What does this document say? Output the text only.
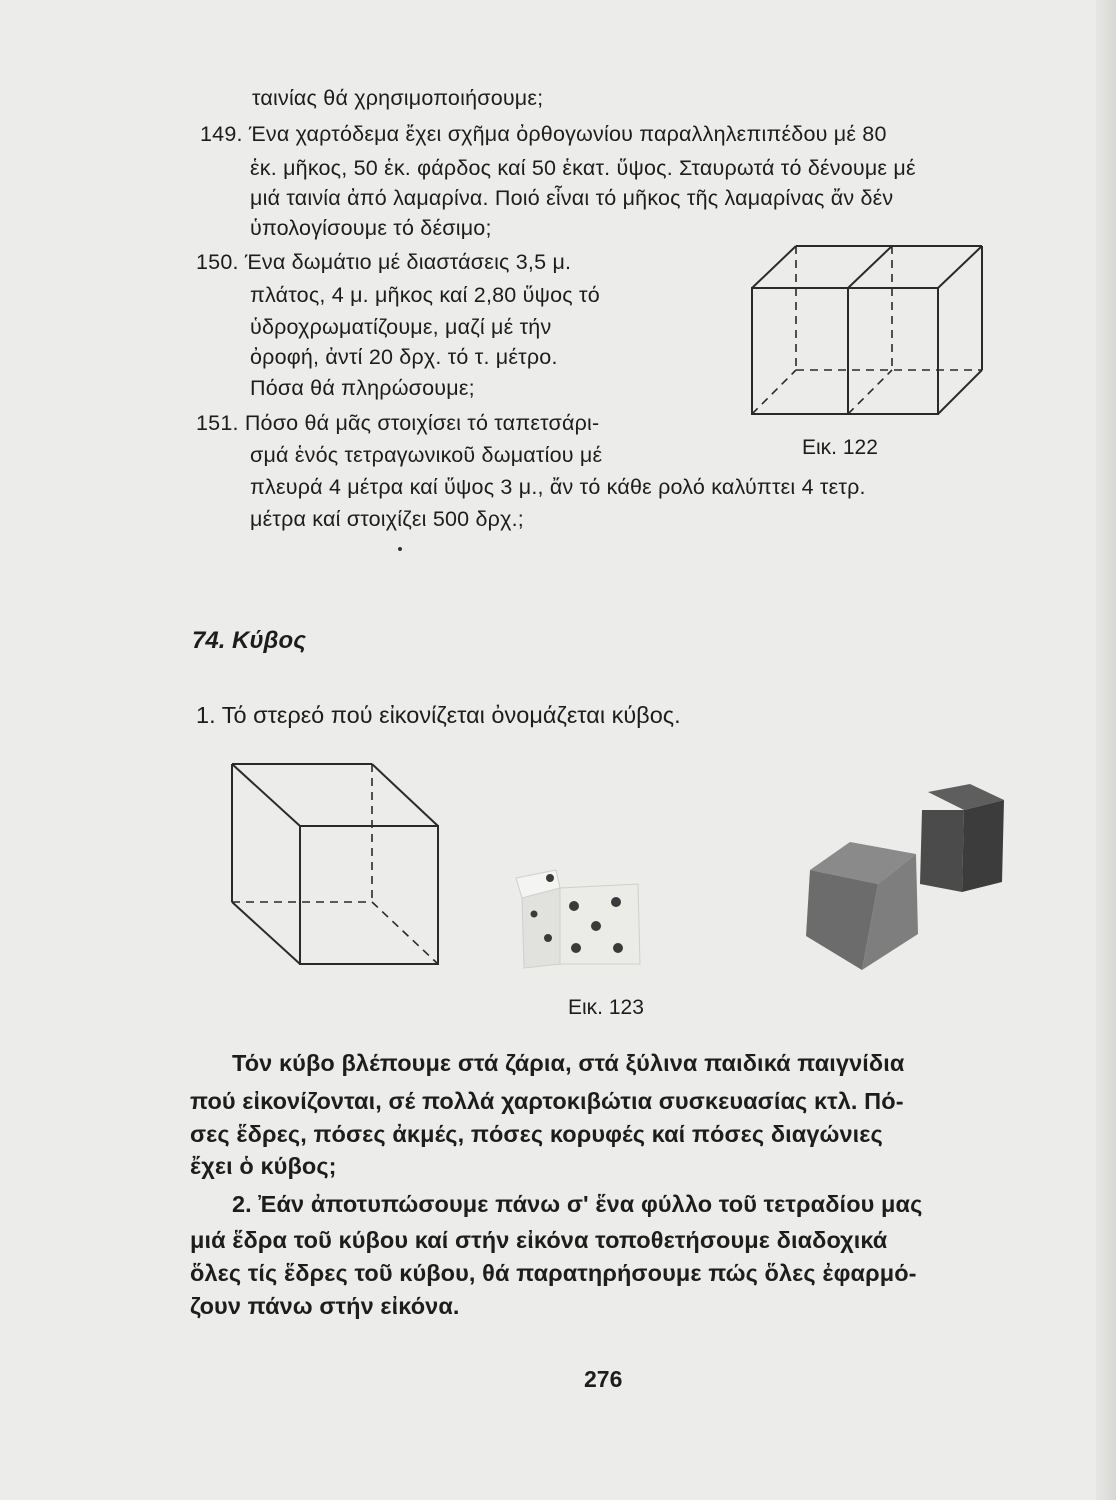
ταινίας θά χρησιμοποιήσουμε;

149. Ένα χαρτόδεμα ἔχει σχῆμα ὀρθογωνίου παραλληλεπιπέδου μέ 80

ἑκ. μῆκος, 50 ἑκ. φάρδος καί 50 ἑκατ. ὕψος. Σταυρωτά τό δένουμε μέ

μιά ταινία ἀπό λαμαρίνα. Ποιό εἶναι τό μῆκος τῆς λαμαρίνας ἄν δέν

ὑπολογίσουμε τό δέσιμο;

150. Ένα δωμάτιο μέ διαστάσεις 3,5 μ.

πλάτος, 4 μ. μῆκος καί 2,80 ὕψος τό

ὑδροχρωματίζουμε, μαζί μέ τήν

ὀροφή, ἀντί 20 δρχ. τό τ. μέτρο.

Πόσα θά πληρώσουμε;

151. Πόσο θά μᾶς στοιχίσει τό ταπετσάρι-

σμά ἑνός τετραγωνικοῦ δωματίου μέ

πλευρά 4 μέτρα καί ὕψος 3 μ., ἄν τό κάθε ρολό καλύπτει 4 τετρ.

μέτρα καί στοιχίζει 500 δρχ.;

Εικ. 122

74. Κύβος

1. Τό στερεό πού εἰκονίζεται ὀνομάζεται κύβος.

Εικ. 123

Τόν κύβο βλέπουμε στά ζάρια, στά ξύλινα παιδικά παιγνίδια

πού εἰκονίζονται, σέ πολλά χαρτοκιβώτια συσκευασίας κτλ. Πό-

σες ἕδρες, πόσες ἀκμές, πόσες κορυφές καί πόσες διαγώνιες

ἔχει ὁ κύβος;

2. Ἐάν ἀποτυπώσουμε πάνω σ' ἕνα φύλλο τοῦ τετραδίου μας

μιά ἕδρα τοῦ κύβου καί στήν εἰκόνα τοποθετήσουμε διαδοχικά

ὅλες τίς ἕδρες τοῦ κύβου, θά παρατηρήσουμε πώς ὅλες ἐφαρμό-

ζουν πάνω στήν εἰκόνα.

276
